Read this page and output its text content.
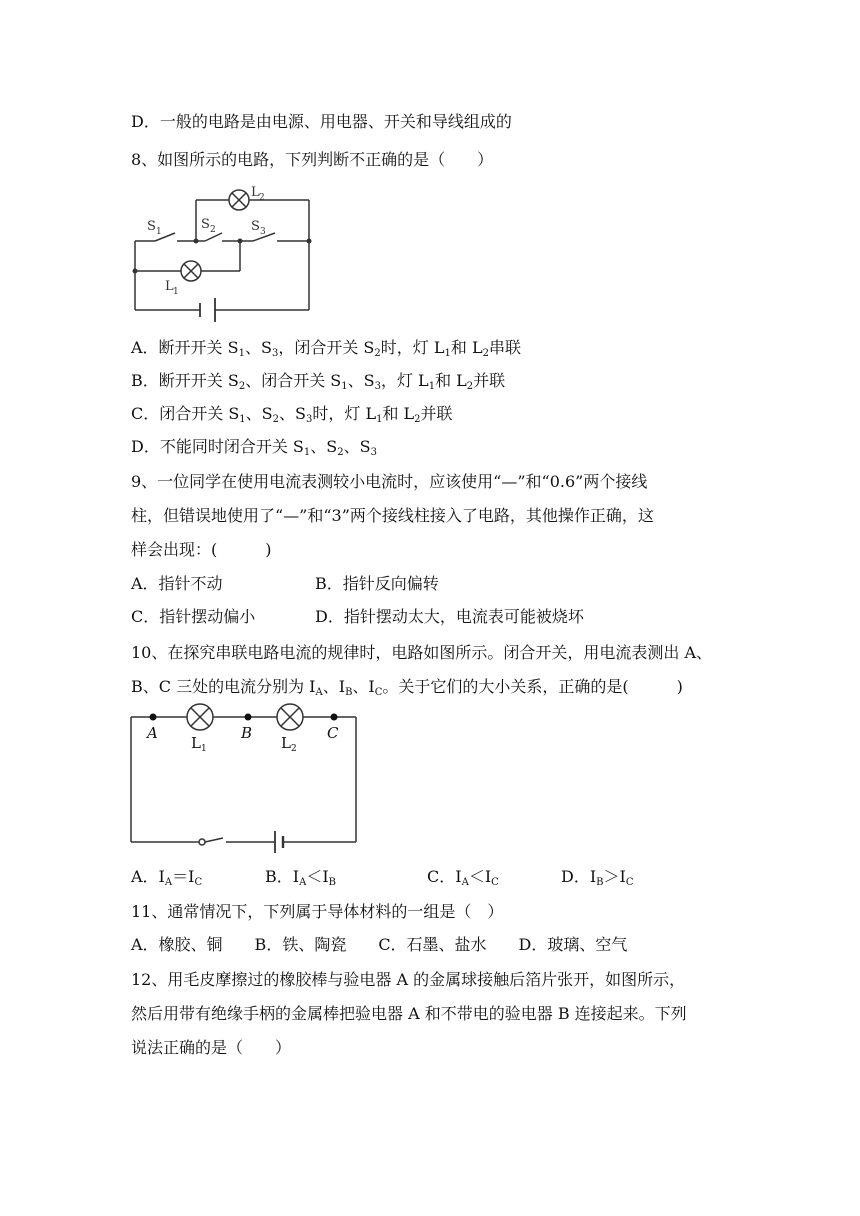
D．一般的电路是由电源、用电器、开关和导线组成的
8、如图所示的电路，下列判断不正确的是（　　）
S 1	S 2	S 3
L 2
L 1
A．断开开关 S1、S3，闭合开关 S2时，灯 L1和 L2串联
B．断开开关 S2、闭合开关 S1、S3，灯 L1和 L2并联
C．闭合开关 S1、S2、S3时，灯 L1和 L2并联
D．不能同时闭合开关 S1、S2、S3
9、一位同学在使用电流表测较小电流时，应该使用“—”和“0.6”两个接线
柱，但错误地使用了“—”和“3”两个接线柱接入了电路，其他操作正确，这
样会出现：(　　　)
A．指针不动	B．指针反向偏转
C．指针摆动偏小	D．指针摆动太大，电流表可能被烧坏
10、在探究串联电路电流的规律时，电路如图所示。闭合开关，用电流表测出 A、
B、C 三处的电流分别为 IA、IB、IC。关于它们的大小关系，正确的是(　　　)
A	B	C
L 1	L 2
A．IA＝IC	B．IA＜IB	C．IA＜IC	D．IB＞IC
11、通常情况下，下列属于导体材料的一组是（　）
A．橡胶、铜　　B．铁、陶瓷　　C．石墨、盐水　　D．玻璃、空气
12、用毛皮摩擦过的橡胶棒与验电器 A 的金属球接触后箔片张开，如图所示，
然后用带有绝缘手柄的金属棒把验电器 A 和不带电的验电器 B 连接起来。下列
说法正确的是（　　）
